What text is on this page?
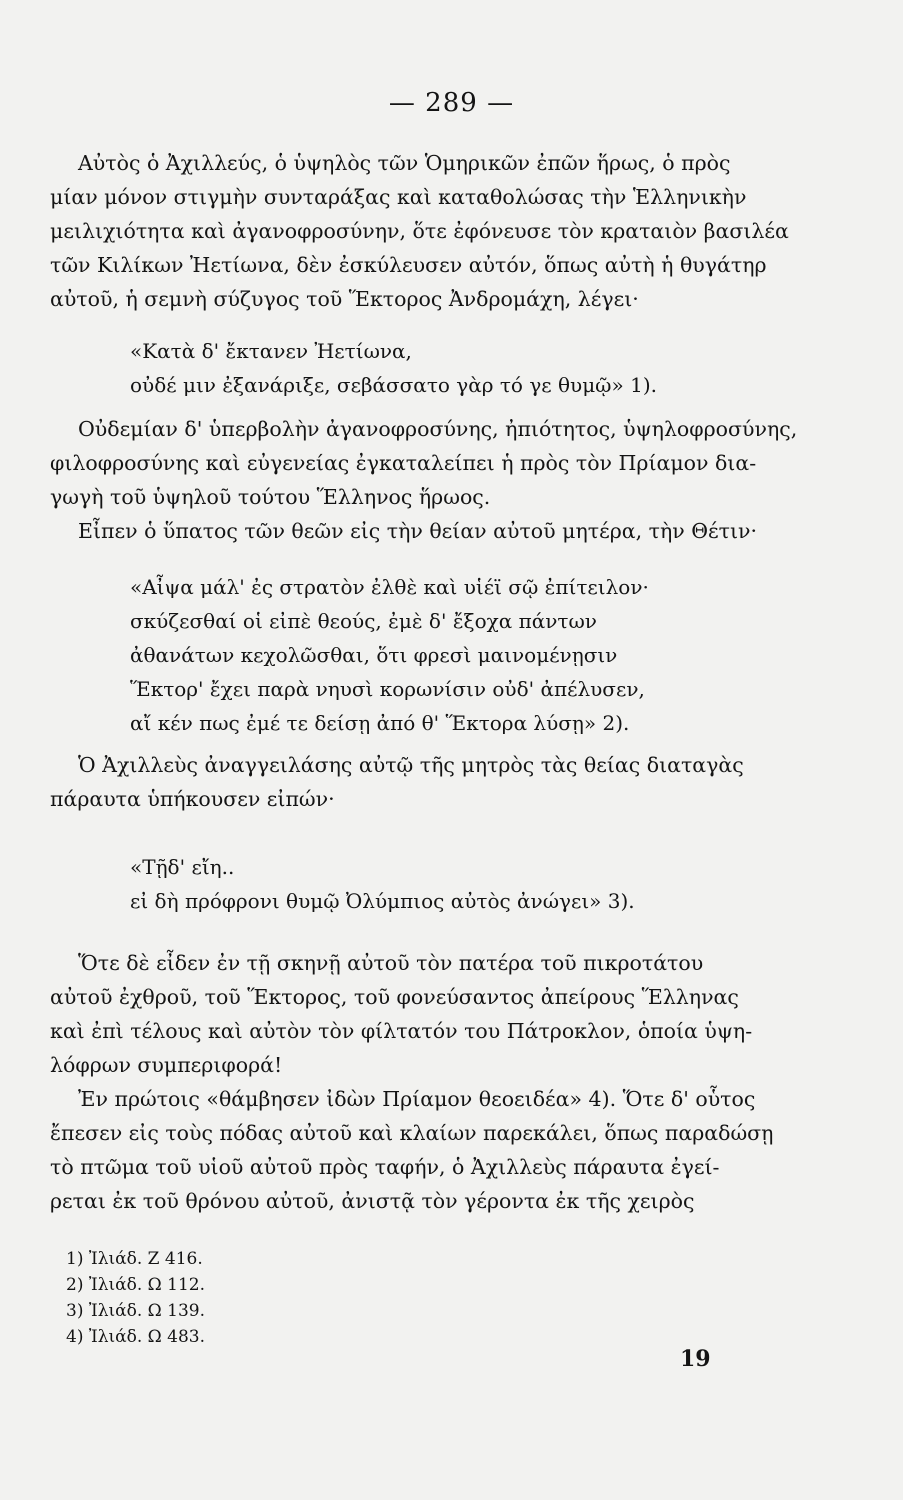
— 289 —
Αὐτὸς ὁ Ἀχιλλεύς, ὁ ὑψηλὸς τῶν Ὁμηρικῶν ἐπῶν ἥρως, ὁ πρὸς
μίαν μόνον στιγμὴν συνταράξας καὶ καταθολώσας τὴν Ἑλληνικὴν
μειλιχιότητα καὶ ἀγανοφροσύνην, ὅτε ἐφόνευσε τὸν κραταιὸν βασιλέα
τῶν Κιλίκων Ἠετίωνα, δὲν ἐσκύλευσεν αὐτόν, ὅπως αὐτὴ ἡ θυγάτηρ
αὐτοῦ, ἡ σεμνὴ σύζυγος τοῦ Ἕκτορος Ἀνδρομάχη, λέγει·
«Κατὰ δ' ἔκτανεν Ἠετίωνα,
οὐδέ μιν ἐξανάριξε, σεβάσσατο γὰρ τό γε θυμῷ» 1).
Οὐδεμίαν δ' ὑπερβολὴν ἀγανοφροσύνης, ἠπιότητος, ὑψηλοφροσύνης,
φιλοφροσύνης καὶ εὐγενείας ἐγκαταλείπει ἡ πρὸς τὸν Πρίαμον δια-
γωγὴ τοῦ ὑψηλοῦ τούτου Ἕλληνος ἥρωος.
Εἶπεν ὁ ὕπατος τῶν θεῶν εἰς τὴν θείαν αὐτοῦ μητέρα, τὴν Θέτιν·
«Αἶψα μάλ' ἐς στρατὸν ἐλθὲ καὶ υἱέϊ σῷ ἐπίτειλον·
σκύζεσθαί οἱ εἰπὲ θεούς, ἐμὲ δ' ἔξοχα πάντων
ἀθανάτων κεχολῶσθαι, ὅτι φρεσὶ μαινομένῃσιν
Ἕκτορ' ἔχει παρὰ νηυσὶ κορωνίσιν οὐδ' ἀπέλυσεν,
αἴ κέν πως ἐμέ τε δείσῃ ἀπό θ' Ἕκτορα λύσῃ» 2).
Ὁ Ἀχιλλεὺς ἀναγγειλάσης αὐτῷ τῆς μητρὸς τὰς θείας διαταγὰς
πάραυτα ὑπήκουσεν εἰπών·
«Τῇδ' εἴη..
εἰ δὴ πρόφρονι θυμῷ Ὀλύμπιος αὐτὸς ἀνώγει» 3).
Ὅτε δὲ εἶδεν ἐν τῇ σκηνῇ αὐτοῦ τὸν πατέρα τοῦ πικροτάτου
αὐτοῦ ἐχθροῦ, τοῦ Ἕκτορος, τοῦ φονεύσαντος ἀπείρους Ἕλληνας
καὶ ἐπὶ τέλους καὶ αὐτὸν τὸν φίλτατόν του Πάτροκλον, ὁποία ὑψη-
λόφρων συμπεριφορά!
Ἐν πρώτοις «θάμβησεν ἰδὼν Πρίαμον θεοειδέα» 4). Ὅτε δ' οὗτος
ἔπεσεν εἰς τοὺς πόδας αὐτοῦ καὶ κλαίων παρεκάλει, ὅπως παραδώσῃ
τὸ πτῶμα τοῦ υἱοῦ αὐτοῦ πρὸς ταφήν, ὁ Ἀχιλλεὺς πάραυτα ἐγεί-
ρεται ἐκ τοῦ θρόνου αὐτοῦ, ἀνιστᾷ τὸν γέροντα ἐκ τῆς χειρὸς
1) Ἰλιάδ. Ζ 416.
2) Ἰλιάδ. Ω 112.
3) Ἰλιάδ. Ω 139.
4) Ἰλιάδ. Ω 483.
19
